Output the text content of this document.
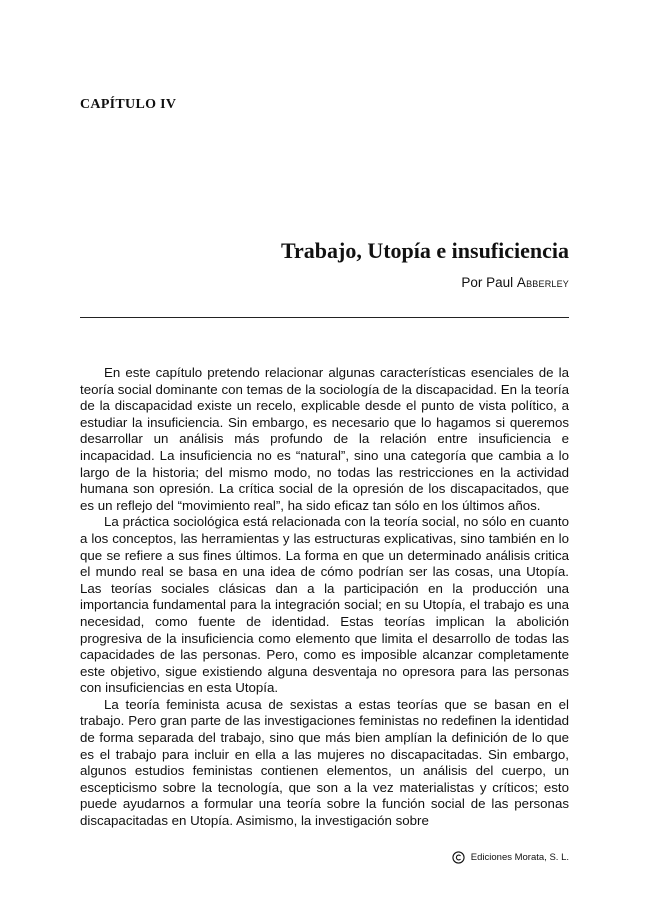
CAPÍTULO IV
Trabajo, Utopía e insuficiencia
Por Paul Abberley

En este capítulo pretendo relacionar algunas características esenciales de la teoría social dominante con temas de la sociología de la discapacidad. En la teoría de la discapacidad existe un recelo, explicable desde el punto de vista político, a estudiar la insuficiencia. Sin embargo, es necesario que lo hagamos si queremos desarrollar un análisis más profundo de la relación entre insuficiencia e incapacidad. La insuficiencia no es “natural”, sino una categoría que cambia a lo largo de la historia; del mismo modo, no todas las restricciones en la actividad humana son opresión. La crítica social de la opresión de los discapacitados, que es un reflejo del “movimiento real”, ha sido eficaz tan sólo en los últimos años.

La práctica sociológica está relacionada con la teoría social, no sólo en cuanto a los conceptos, las herramientas y las estructuras explicativas, sino también en lo que se refiere a sus fines últimos. La forma en que un determinado análisis critica el mundo real se basa en una idea de cómo podrían ser las cosas, una Utopía. Las teorías sociales clásicas dan a la participación en la producción una importancia fundamental para la integración social; en su Utopía, el trabajo es una necesidad, como fuente de identidad. Estas teorías implican la abolición progresiva de la insuficiencia como elemento que limita el desarrollo de todas las capacidades de las personas. Pero, como es imposible alcanzar completamente este objetivo, sigue existiendo alguna desventaja no opresora para las personas con insuficiencias en esta Utopía.

La teoría feminista acusa de sexistas a estas teorías que se basan en el trabajo. Pero gran parte de las investigaciones feministas no redefinen la identidad de forma separada del trabajo, sino que más bien amplían la definición de lo que es el trabajo para incluir en ella a las mujeres no discapacitadas. Sin embargo, algunos estudios feministas contienen elementos, un análisis del cuerpo, un escepticismo sobre la tecnología, que son a la vez materialistas y críticos; esto puede ayudarnos a formular una teoría sobre la función social de las personas discapacitadas en Utopía. Asimismo, la investigación sobre

Ediciones Morata, S. L.
